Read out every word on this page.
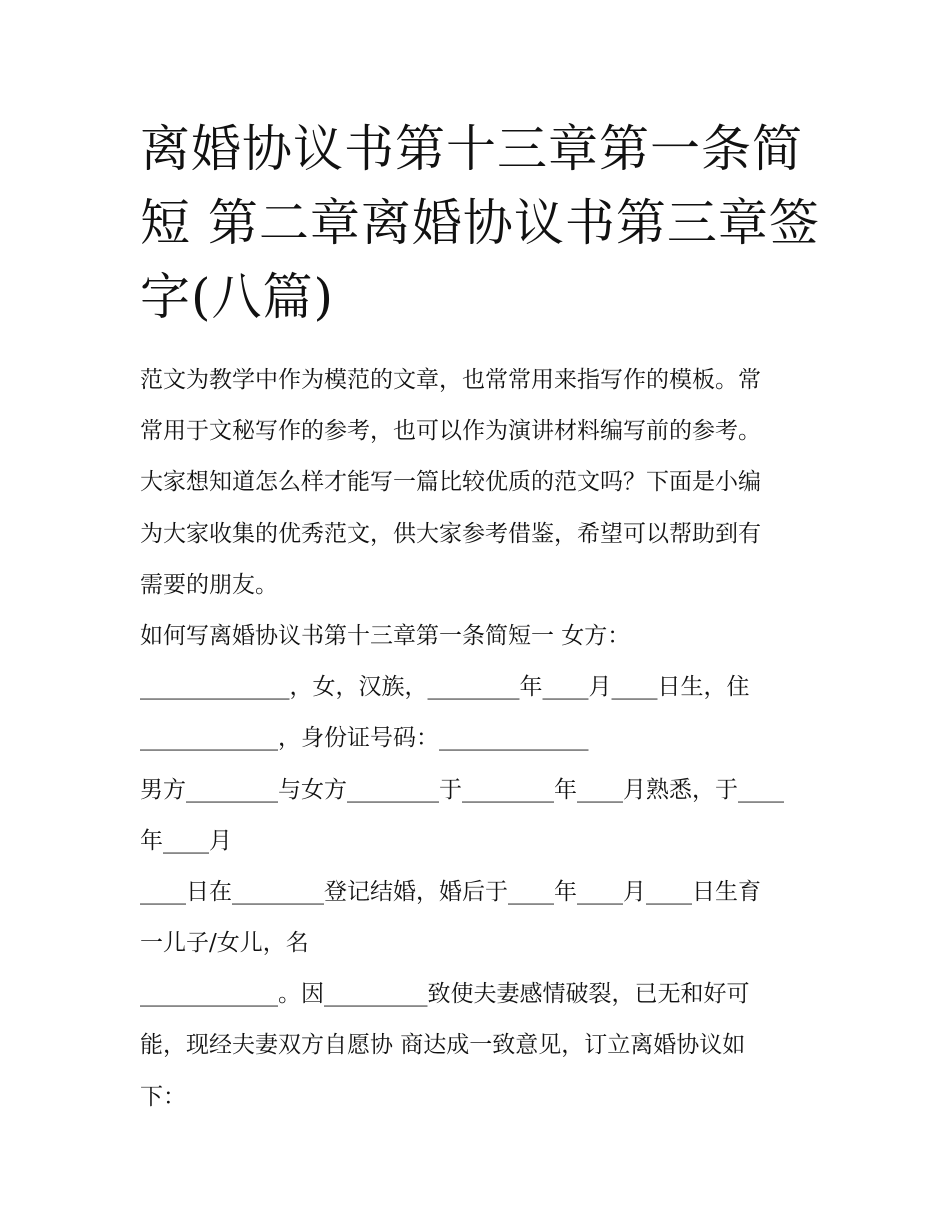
离婚协议书第十三章第一条简
短 第二章离婚协议书第三章签
字(八篇)
范文为教学中作为模范的文章，也常常用来指写作的模板。常
常用于文秘写作的参考，也可以作为演讲材料编写前的参考。
大家想知道怎么样才能写一篇比较优质的范文吗？下面是小编
为大家收集的优秀范文，供大家参考借鉴，希望可以帮助到有
需要的朋友。
如何写离婚协议书第十三章第一条简短一 女方：
_____________，女，汉族，________年____月____日生，住
____________，身份证号码：_____________
男方________与女方________于________年____月熟悉，于____
年____月
____日在________登记结婚，婚后于____年____月____日生育
一儿子/女儿，名
____________。因_________致使夫妻感情破裂，已无和好可
能，现经夫妻双方自愿协 商达成一致意见，订立离婚协议如
下：
